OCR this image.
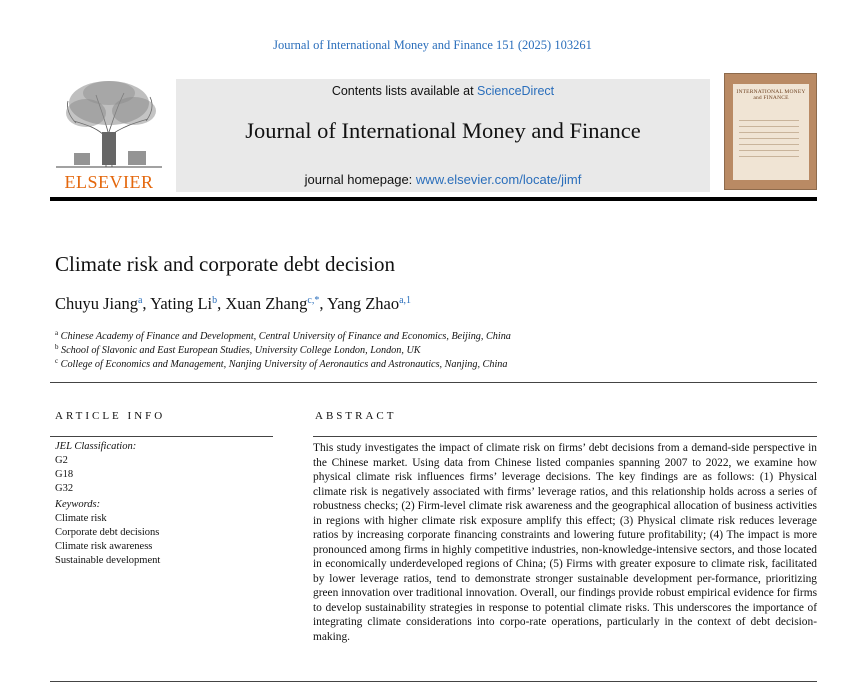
Journal of International Money and Finance 151 (2025) 103261
ELSEVIER
Contents lists available at ScienceDirect
Journal of International Money and Finance
journal homepage: www.elsevier.com/locate/jimf
INTERNATIONAL MONEY and FINANCE
Climate risk and corporate debt decision
Chuyu Jiang$^a$, Yating Li$^b$, Xuan Zhang$^{c,*}$, Yang Zhao$^{a,1}$
$^a$ Chinese Academy of Finance and Development, Central University of Finance and Economics, Beijing, China
$^b$ School of Slavonic and East European Studies, University College London, London, UK
$^c$ College of Economics and Management, Nanjing University of Aeronautics and Astronautics, Nanjing, China
ARTICLE INFO	ABSTRACT
JEL Classification:
G2
G18
G32
Keywords:
Climate risk
Corporate debt decisions
Climate risk awareness
Sustainable development
This study investigates the impact of climate risk on firms’ debt decisions from a demand-side perspective in the Chinese market. Using data from Chinese listed companies spanning 2007 to 2022, we examine how physical climate risk influences firms’ leverage decisions. The key findings are as follows: (1) Physical climate risk is negatively associated with firms’ leverage ratios, and this relationship holds across a series of robustness checks; (2) Firm-level climate risk awareness and the geographical allocation of business activities in regions with higher climate risk exposure amplify this effect; (3) Physical climate risk reduces leverage ratios by increasing corporate financing constraints and lowering future profitability; (4) The impact is more pronounced among firms in highly competitive industries, non-knowledge-intensive sectors, and those located in economically underdeveloped regions of China; (5) Firms with greater exposure to climate risk, facilitated by lower leverage ratios, tend to demonstrate stronger sustainable development per-formance, prioritizing green innovation over traditional innovation. Overall, our findings provide robust empirical evidence for firms to develop sustainability strategies in response to potential climate risks. This underscores the importance of integrating climate considerations into corpo-rate operations, particularly in the context of debt decision-making.
